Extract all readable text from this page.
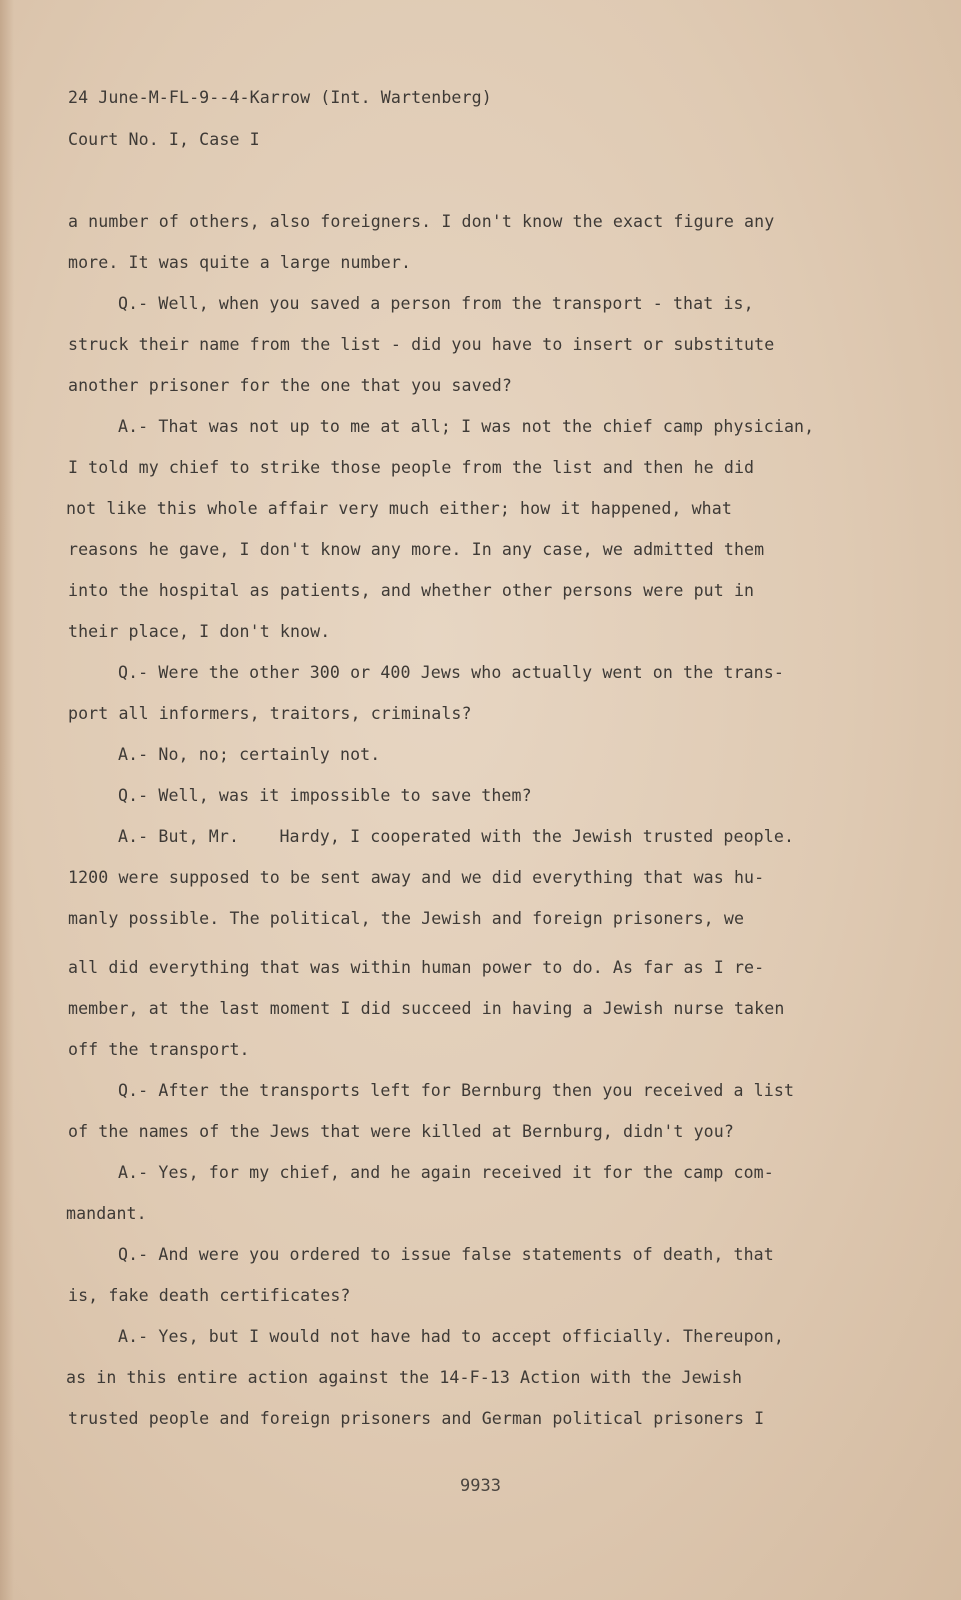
24 June-M-FL-9--4-Karrow (Int. Wartenberg)

Court No. I, Case I

a number of others, also foreigners. I don't know the exact figure any

more. It was quite a large number.

Q.- Well, when you saved a person from the transport - that is,

struck their name from the list - did you have to insert or substitute

another prisoner for the one that you saved?

A.- That was not up to me at all; I was not the chief camp physician,

I told my chief to strike those people from the list and then he did

not like this whole affair very much either; how it happened, what

reasons he gave, I don't know any more. In any case, we admitted them

into the hospital as patients, and whether other persons were put in

their place, I don't know.

Q.- Were the other 300 or 400 Jews who actually went on the trans-

port all informers, traitors, criminals?

A.- No, no; certainly not.

Q.- Well, was it impossible to save them?

A.- But, Mr.    Hardy, I cooperated with the Jewish trusted people.

1200 were supposed to be sent away and we did everything that was hu-

manly possible. The political, the Jewish and foreign prisoners, we

all did everything that was within human power to do. As far as I re-

member, at the last moment I did succeed in having a Jewish nurse taken

off the transport.

Q.- After the transports left for Bernburg then you received a list

of the names of the Jews that were killed at Bernburg, didn't you?

A.- Yes, for my chief, and he again received it for the camp com-

mandant.

Q.- And were you ordered to issue false statements of death, that

is, fake death certificates?

A.- Yes, but I would not have had to accept officially. Thereupon,

as in this entire action against the 14-F-13 Action with the Jewish

trusted people and foreign prisoners and German political prisoners I

9933
